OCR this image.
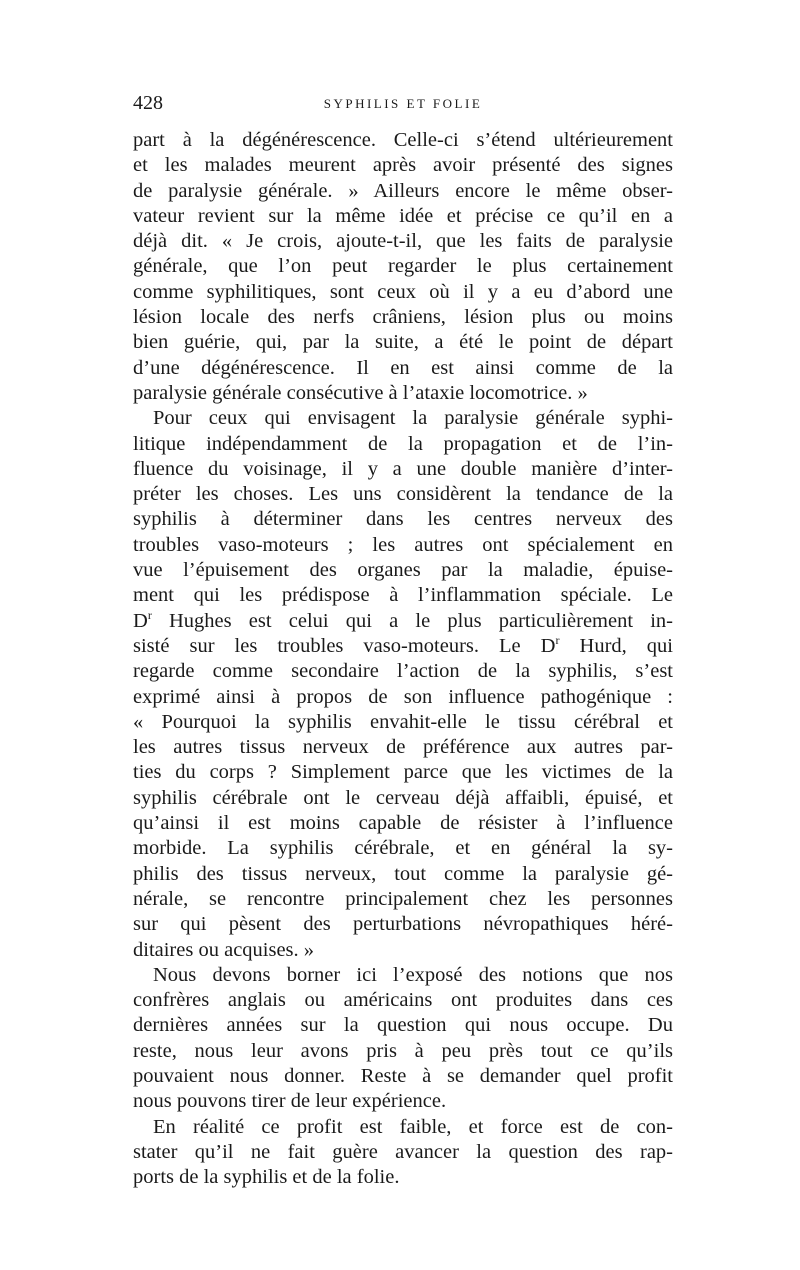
428	SYPHILIS ET FOLIE
part à la dégénérescence. Celle-ci s’étend ultérieurement
et les malades meurent après avoir présenté des signes
de paralysie générale. » Ailleurs encore le même obser-
vateur revient sur la même idée et précise ce qu’il en a
déjà dit. « Je crois, ajoute-t-il, que les faits de paralysie
générale, que l’on peut regarder le plus certainement
comme syphilitiques, sont ceux où il y a eu d’abord une
lésion locale des nerfs crâniens, lésion plus ou moins
bien guérie, qui, par la suite, a été le point de départ
d’une dégénérescence. Il en est ainsi comme de la
paralysie générale consécutive à l’ataxie locomotrice. »
Pour ceux qui envisagent la paralysie générale syphi-
litique indépendamment de la propagation et de l’in-
fluence du voisinage, il y a une double manière d’inter-
préter les choses. Les uns considèrent la tendance de la
syphilis à déterminer dans les centres nerveux des
troubles vaso-moteurs ; les autres ont spécialement en
vue l’épuisement des organes par la maladie, épuise-
ment qui les prédispose à l’inflammation spéciale. Le
$D^r$ Hughes est celui qui a le plus particulièrement in-
sisté sur les troubles vaso-moteurs. Le $D^r$ Hurd, qui
regarde comme secondaire l’action de la syphilis, s’est
exprimé ainsi à propos de son influence pathogénique :
« Pourquoi la syphilis envahit-elle le tissu cérébral et
les autres tissus nerveux de préférence aux autres par-
ties du corps ? Simplement parce que les victimes de la
syphilis cérébrale ont le cerveau déjà affaibli, épuisé, et
qu’ainsi il est moins capable de résister à l’influence
morbide. La syphilis cérébrale, et en général la sy-
philis des tissus nerveux, tout comme la paralysie gé-
nérale, se rencontre principalement chez les personnes
sur qui pèsent des perturbations névropathiques héré-
ditaires ou acquises. »
Nous devons borner ici l’exposé des notions que nos
confrères anglais ou américains ont produites dans ces
dernières années sur la question qui nous occupe. Du
reste, nous leur avons pris à peu près tout ce qu’ils
pouvaient nous donner. Reste à se demander quel profit
nous pouvons tirer de leur expérience.
En réalité ce profit est faible, et force est de con-
stater qu’il ne fait guère avancer la question des rap-
ports de la syphilis et de la folie.
